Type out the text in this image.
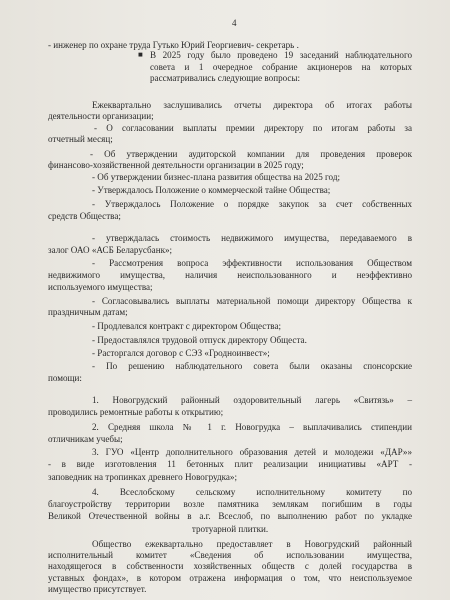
4
- инженер по охране труда Гутько Юрий Георгиевич- секретарь .
■ В 2025 году было проведено 19 заседаний наблюдательного
совета и 1 очередное собрание акционеров на которых
рассматривались следующие вопросы:
Ежеквартально заслушивались отчеты директора об итогах работы
деятельности организации;
- О согласовании выплаты премии директору по итогам работы за
отчетный месяц;
- Об утверждении аудиторской компании для проведения проверок
финансово-хозяйственной деятельности организации в 2025 году;
- Об утверждении бизнес-плана развития общества на 2025 год;
- Утверждалось Положение о коммерческой тайне Общества;
- Утверждалось Положение о порядке закупок за счет собственных
средств Общества;
- утверждалась стоимость недвижимого имущества, передаваемого в
залог ОАО «АСБ Беларусбанк»;
- Рассмотрения вопроса эффективности использования Обществом
недвижимого имущества, наличия неиспользованного и неэффективно
используемого имущества;
- Согласовывались выплаты материальной помощи директору Общества к
праздничным датам;
- Продлевался контракт с директором Общества;
- Предоставлялся трудовой отпуск директору Общеста.
- Расторгался договор с СЭЗ «Гродноинвест»;
- По решению наблюдательного совета были оказаны спонсорские
помощи:
1. Новогрудский районный оздоровительный лагерь «Свитязь» –
проводились ремонтные работы к открытию;
2. Средняя школа № 1 г. Новогрудка – выплачивались стипендии
отличникам учебы;
3. ГУО «Центр дополнительного образования детей и молодежи «ДАР»»
- в виде изготовления 11 бетонных плит реализации инициативы «АРТ -
заповедник на тропинках древнего Новогрудка»;
4. Всеслобскому сельскому исполнительному комитету по
благоустройству территории возле памятника землякам погибшим в годы
Великой Отечественной войны в а.г. Всеслоб, по выполнению работ по укладке
тротуарной плитки.
Общество ежеквартально предоставляет в Новогрудский районный
исполнительный комитет «Сведения об использовании имущества,
находящегося в собственности хозяйственных обществ с долей государства в
уставных фондах», в котором отражена информация о том, что неиспользуемое
имущество присутствует.
